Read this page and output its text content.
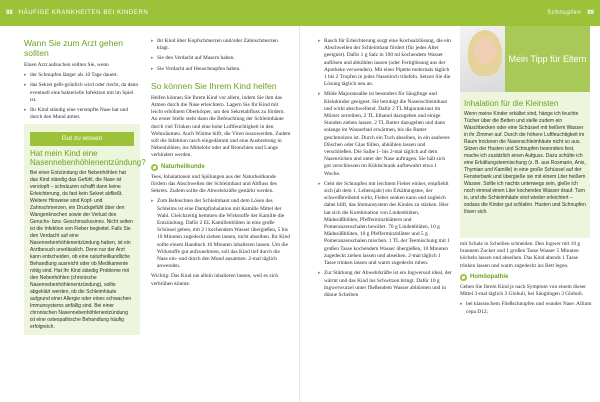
88	HÄUFIGE KRANKHEITEN BEI KINDERN	Schnupfen	89
Wann Sie zum Arzt gehen sollten

Einen Arzt aufsuchen sollten Sie, wenn

▸ der Schnupfen länger als 10 Tage dauert.

▸ das Sekret gelb-grünlich wird oder riecht, da dann eventuell eine bakterielle Infektion mit im Spiel ist.

▸ Ihr Kind ständig eine verstopfte Nase hat und durch den Mund atmet.

Gut zu wissen
Hat mein Kind eine Nasennebenhöhlenentzündung?
Bei einer Entzündung der Nebenhöhlen hat das Kind ständig das Gefühl, die Nase ist verstopft – schnäuzen schafft dann keine Erleichterung, da fast kein Sekret abfließt. Weitere Hinweise sind Kopf- und Zahnschmerzen, ein Druckgefühl über den Wangenknochen sowie der Verlust des Geruchs- bzw. Geschmackssinns. Nicht selten ist die Infektion von Fieber begleitet. Falls Sie den Verdacht auf eine Nasennebenhöhlenentzündung haben, ist ein Arztbesuch unerlässlich. Denn nur der Arzt kann entscheiden, ob eine naturheilkundliche Behandlung ausreicht oder ob Medikamente nötig sind. Hat Ihr Kind ständig Probleme mit den Nebenhöhlen (chronische Nasennebenhöhlenentzündung), sollte abgeklärt werden, ob die Schleimhäute aufgrund einer Allergie oder eines schwachen Immunsystems anfällig sind. Bei einer chronischen Nasennebenhöhlenentzündung ist eine osteopathische Behandlung häufig erfolgreich.

▸ Ihr Kind über Kopfschmerzen und/oder Zahnschmerzen klagt.

▸ Sie den Verdacht auf Masern haben.

▸ Sie Verdacht auf Heuschnupfen haben.

So können Sie Ihrem Kind helfen

Helfen können Sie Ihrem Kind vor allem, indem Sie ihm das Atmen durch die Nase erleichtern. Lagern Sie Ihr Kind mit leicht erhöhtem Oberkörper, um den Sekretabfluss zu fördern. An erster Stelle steht dann die Befeuchtung der Schleimhäute durch viel Trinken und eine hohe Luftfeuchtigkeit in den Wohnräumen. Auch Wärme hilft, die Viren loszuwerden. Zudem soll die Infektion rasch eingedämmt und eine Ausbreitung in Nebenhöhlen, ins Mittelohr oder auf Bronchien und Lunge verhindert werden.

Naturheilkunde

Tees, Inhalationen und Spülungen aus der Naturheilkunde fördern das Abschwellen der Schleimhaut und Abfluss des Sekrets. Zudem sollte die Abwehrkräfte gestärkt werden.

▸ Zum Befeuchten der Schleimhaut und dem Lösen des Schleims ist eine Dampfinhalation mit Kamille Mittel der Wahl. Gleichzeitig hemmen die Wirkstoffe der Kamille die Entzündung. Dafür 2 EL Kamillenblüten in eine große Schüssel geben, mit 2 l kochendem Wasser übergießen, 5 bis 10 Minuten zugedeckt ziehen lassen, nicht abseihen. Ihr Kind sollte einem Handtuch 10 Minuten inhalieren lassen. Um die Wirkstoffe gut aufzunehmen, soll das Kind tief durch die Nase ein- und durch den Mund ausatmen. 2-mal täglich anwenden.

Wichtig: Das Kind nie allein inhalieren lassen, weil es sich verbrühen könnte.

▸ Rasch für Erleichterung sorgt eine Kochsalzlösung, die ein Abschwellen der Schleimhaut fördert (für jedes Alter geeignet). Dafür 1 g Salz in 100 ml kochendem Wasser auflösen und abkühlen lassen (oder Fertiglösung aus der Apotheke verwenden). Mit einer Pipette mehrmals täglich 1 bis 2 Tropfen in jedes Nasenloch träufeln. Setzen Sie die Lösung täglich neu an.

▸ Milde Majoransalbe ist besonders für Säuglinge und Kleinkinder geeignet. Sie beruhigt die Nasenschleimhaut und wirkt abschwellend. Dafür 2 TL Majorankraut im Mörser zerreiben, 2 TL Ethanol dazugeben und einige Stunden ziehen lassen. 2 TL Butter dazugeben und dann solange im Wasserbad erwärmen, bis die Butter geschmolzen ist. Durch ein Tuch abseihen, in ein sauberes Döschen oder Glas füllen, abkühlen lassen und verschließen. Die Salbe 1- bis 2-mal täglich auf dem Nasenrücken und unter der Nase auftragen. Sie hält sich gut verschlossen im Kühlschrank aufbewahrt etwa 1 Woche.

▸ Geht der Schnupfen mit leichtem Fieber einher, empfiehlt sich (ab dem 1. Lebensjahr) ein Erkältungstee, der schweißtreibend wirkt, Fieber senken kann und zugleich dabei hilft, das Immunsystem des Kindes zu stärken. Hier hat sich die Kombination von Lindenblüten, Mädesüßblüten, Pfefferminzblättern und Pomeranzenschalen bewährt. 70 g Lindenblüten, 10 g Mädesüßblüten, 10 g Pfefferminzblätter und 5 g Pomeranzenschalen mischen. 1 TL der Teemischung mit 1 großen Tasse kochendem Wasser übergießen, 10 Minuten zugedeckt ziehen lassen und abseihen. 2-mal täglich 1 Tasse trinken lassen und warm zugedeckt ruhen.

▸ Zur Stärkung der Abwehrkräfte ist ein Ingwersud ideal, der wärmt und das Kind ins Schwitzen bringt. Dafür 10 g Ingwerwurzel unter fließendem Wasser abbürsten und in dünne Scheiben

Mein Tipp für Eltern
Inhalation für die Kleinsten
Wenn meine Kinder erkältet sind, hänge ich feuchte Tücher über die Betten und stelle zudem ein Waschbecken oder eine Schüssel mit heißem Wasser in ihr Zimmer auf. Durch die höhere Luftfeuchtigkeit im Raum trocknen die Nasenschleimhäute nicht so aus. Sitzen der Husten und Schnupfen besonders fest, mache ich zusätzlich einen Aufguss. Dazu schütte ich eine Erkältungsteemischung (z. B. aus Rosmarin, Anis, Thymian und Kamille) in eine große Schüssel auf der Fensterbank und übergieße sie mit einem Liter heißem Wasser. Sollte ich nachts unterwegs sein, gieße ich noch einmal einen Liter kochendes Wasser drauf. Turn is, und die Schleimhäute sind wieder erleichtert – sodass die Kinder gut schlafen. Husten und Schnupfen lösen sich.

mit Schale in Scheiben schneiden. Den Ingwer mit 10 g braunem Zucker und 1 großen Tasse Wasser 5 Minuten köcheln lassen und abseihen. Das Kind abends 1 Tasse trinken lassen und warm zugedeckt ins Bett legen.

Homöopathie

Geben Sie Ihrem Kind je nach Symptom von einem dieser Mittel 3-mal täglich 3 Globuli, bei Säuglingen 3 Globuli.

▸ bei klassischem Fließschnupfen und wunder Nase: Allium cepa D12;
